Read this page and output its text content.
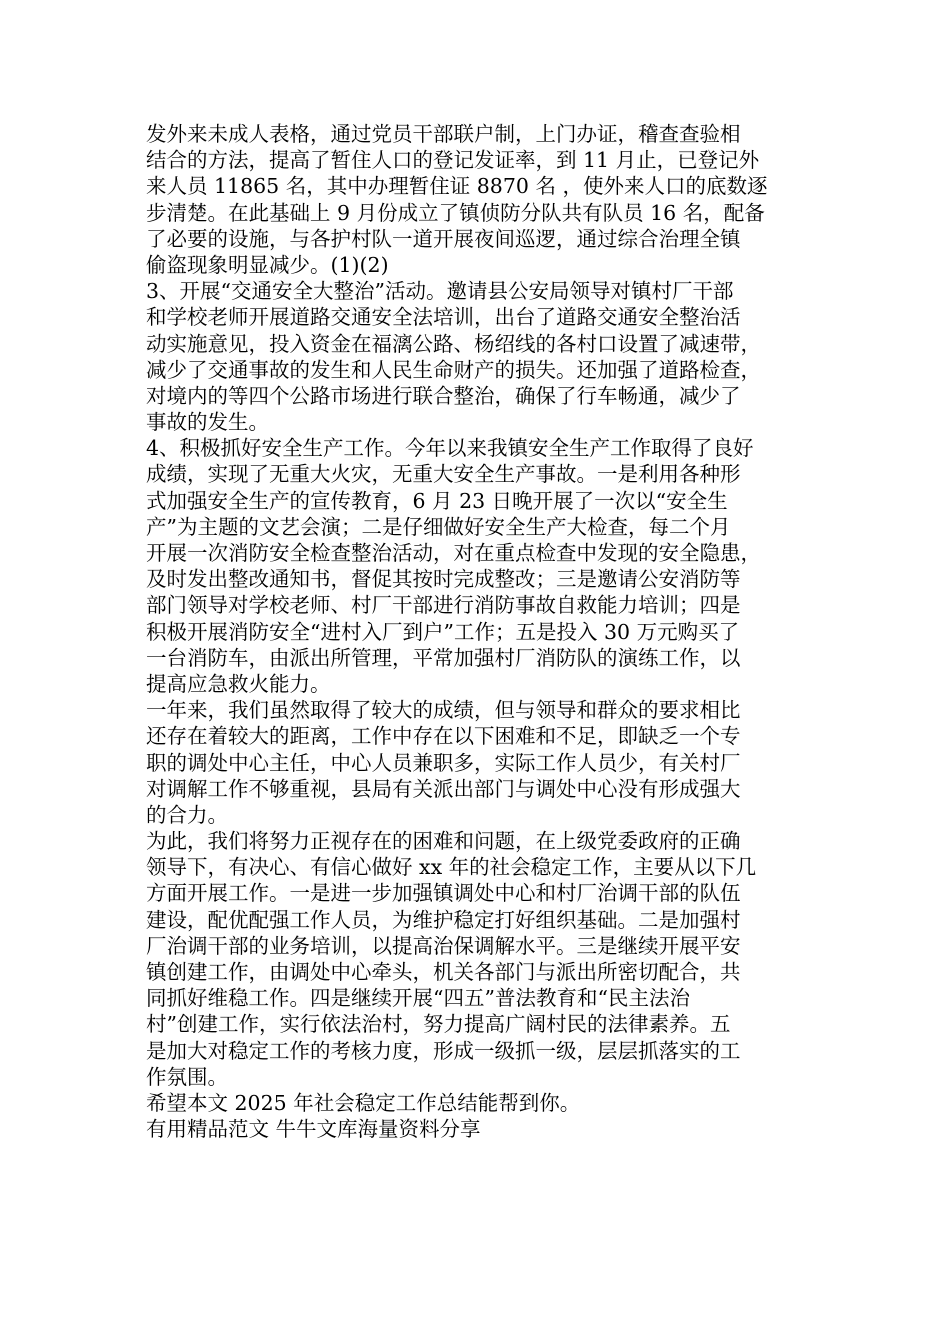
发外来未成人表格，通过党员干部联户制，上门办证，稽查查验相
结合的方法，提高了暂住人口的登记发证率，到 11 月止，已登记外
来人员 11865 名，其中办理暂住证 8870 名 ，使外来人口的底数逐
步清楚。在此基础上 9 月份成立了镇侦防分队共有队员 16 名，配备
了必要的设施，与各护村队一道开展夜间巡逻，通过综合治理全镇
偷盗现象明显减少。(1)(2)
3、开展“交通安全大整治”活动。邀请县公安局领导对镇村厂干部
和学校老师开展道路交通安全法培训，出台了道路交通安全整治活
动实施意见，投入资金在福漓公路、杨绍线的各村口设置了减速带，
减少了交通事故的发生和人民生命财产的损失。还加强了道路检查，
对境内的等四个公路市场进行联合整治，确保了行车畅通，减少了
事故的发生。
4、积极抓好安全生产工作。今年以来我镇安全生产工作取得了良好
成绩，实现了无重大火灾，无重大安全生产事故。一是利用各种形
式加强安全生产的宣传教育，6 月 23 日晚开展了一次以“安全生
产”为主题的文艺会演；二是仔细做好安全生产大检查，每二个月
开展一次消防安全检查整治活动，对在重点检查中发现的安全隐患，
及时发出整改通知书，督促其按时完成整改；三是邀请公安消防等
部门领导对学校老师、村厂干部进行消防事故自救能力培训；四是
积极开展消防安全“进村入厂到户”工作；五是投入 30 万元购买了
一台消防车，由派出所管理，平常加强村厂消防队的演练工作，以
提高应急救火能力。
一年来，我们虽然取得了较大的成绩，但与领导和群众的要求相比
还存在着较大的距离，工作中存在以下困难和不足，即缺乏一个专
职的调处中心主任，中心人员兼职多，实际工作人员少，有关村厂
对调解工作不够重视，县局有关派出部门与调处中心没有形成强大
的合力。
为此，我们将努力正视存在的困难和问题，在上级党委政府的正确
领导下，有决心、有信心做好 xx 年的社会稳定工作，主要从以下几
方面开展工作。一是进一步加强镇调处中心和村厂治调干部的队伍
建设，配优配强工作人员，为维护稳定打好组织基础。二是加强村
厂治调干部的业务培训，以提高治保调解水平。三是继续开展平安
镇创建工作，由调处中心牵头，机关各部门与派出所密切配合，共
同抓好维稳工作。四是继续开展“四五”普法教育和“民主法治
村”创建工作，实行依法治村，努力提高广阔村民的法律素养。五
是加大对稳定工作的考核力度，形成一级抓一级，层层抓落实的工
作氛围。
希望本文 2025 年社会稳定工作总结能帮到你。
有用精品范文 牛牛文库海量资料分享
